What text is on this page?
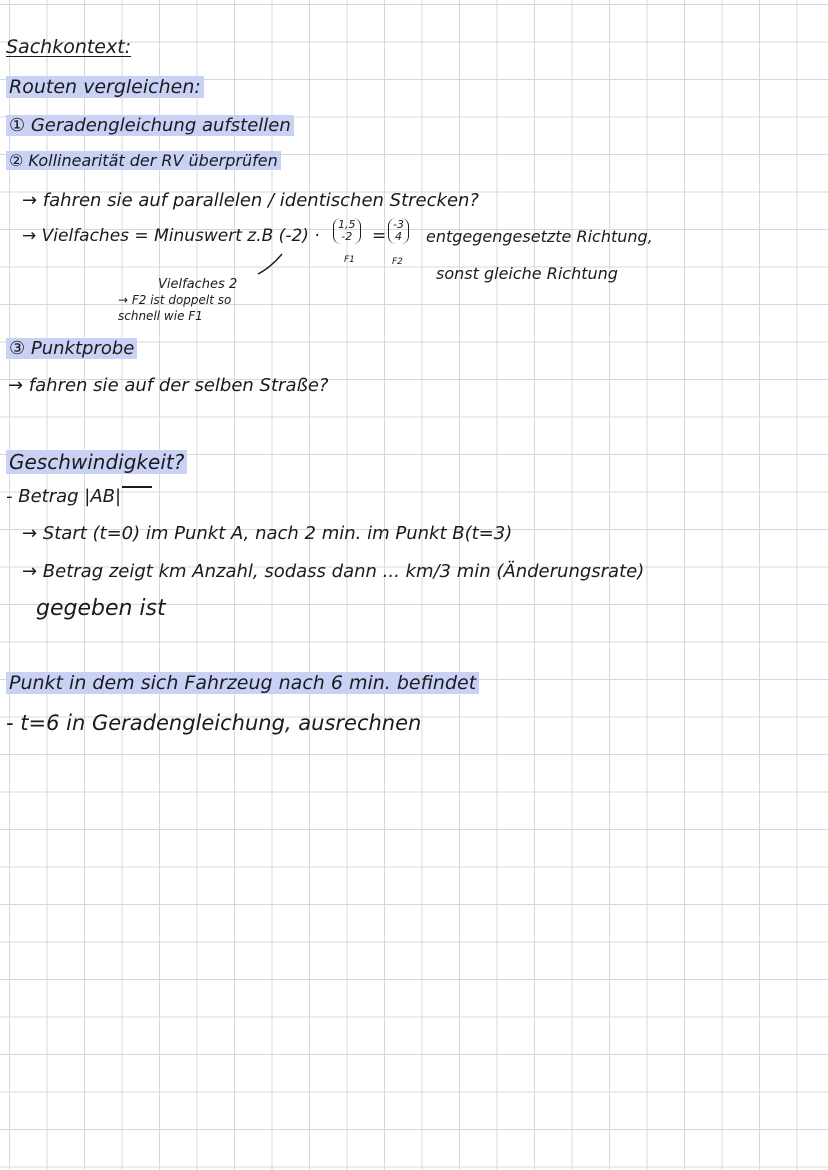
Sachkontext:
Routen vergleichen:
① Geradengleichung aufstellen
② Kollinearität der RV überprüfen
→ fahren sie auf parallelen / identischen Strecken?
→ Vielfaches = Minuswert z.B (-2) ·
1,5
-2
F1
=
-3
4
F2
entgegengesetzte Richtung,
sonst gleiche Richtung
Vielfaches 2
→ F2 ist doppelt so
schnell wie F1
③ Punktprobe
→ fahren sie auf der selben Straße?
Geschwindigkeit?
- Betrag |AB|
→ Start (t=0) im Punkt A, nach 2 min. im Punkt B(t=3)
→ Betrag zeigt km Anzahl, sodass dann ... km/3 min (Änderungsrate)
gegeben ist
Punkt in dem sich Fahrzeug nach 6 min. befindet
- t=6 in Geradengleichung, ausrechnen
